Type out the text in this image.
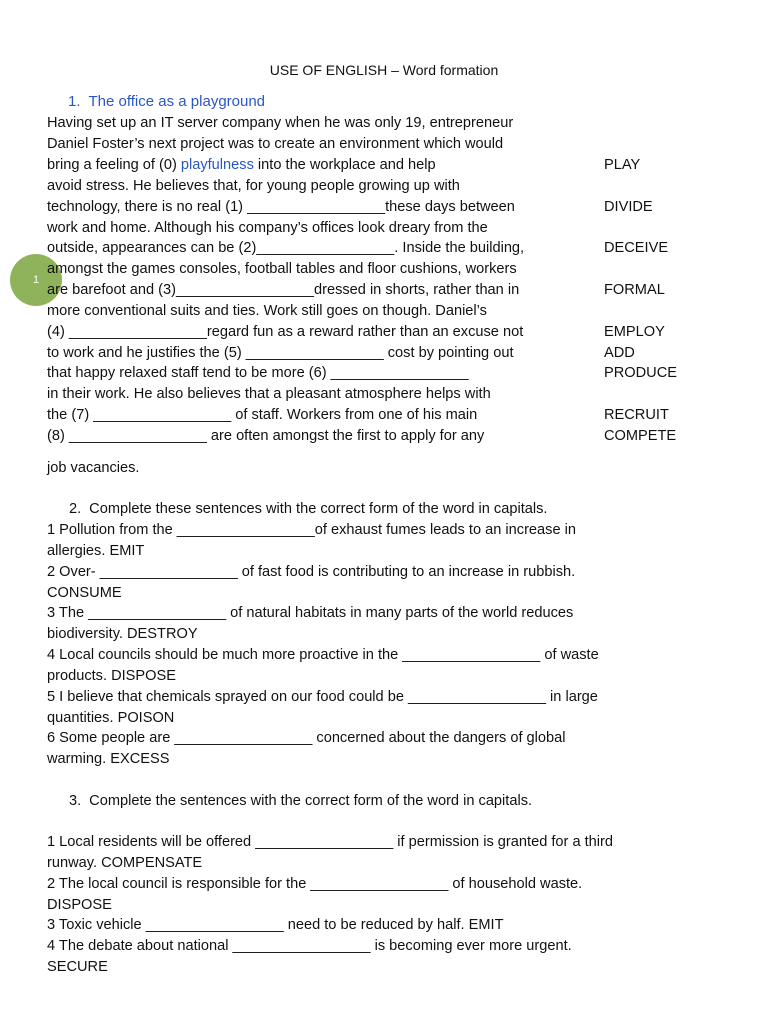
USE OF ENGLISH – Word formation
1. The office as a playground
1
Having set up an IT server company when he was only 19, entrepreneur
Daniel Foster’s next project was to create an environment which would
bring a feeling of (0) playfulness into the workplace and help
avoid stress. He believes that, for young people growing up with
technology, there is no real (1) _________________these days between
work and home. Although his company’s offices look dreary from the
outside, appearances can be (2)_________________. Inside the building,
amongst the games consoles, football tables and floor cushions, workers
are barefoot and (3)_________________dressed in shorts, rather than in
more conventional suits and ties. Work still goes on though. Daniel’s
(4) _________________regard fun as a reward rather than an excuse not
to work and he justifies the (5) _________________ cost by pointing out
that happy relaxed staff tend to be more (6) _________________
in their work. He also believes that a pleasant atmosphere helps with
the (7) _________________ of staff. Workers from one of his main
(8) _________________ are often amongst the first to apply for any
job vacancies.
PLAY
DIVIDE
DECEIVE
FORMAL
EMPLOY
ADD
PRODUCE
RECRUIT
COMPETE
2. Complete these sentences with the correct form of the word in capitals.
1 Pollution from the _________________of exhaust fumes leads to an increase in
allergies. EMIT
2 Over- _________________ of fast food is contributing to an increase in rubbish.
CONSUME
3 The _________________ of natural habitats in many parts of the world reduces
biodiversity. DESTROY
4 Local councils should be much more proactive in the _________________ of waste
products. DISPOSE
5 I believe that chemicals sprayed on our food could be _________________ in large
quantities. POISON
6 Some people are _________________ concerned about the dangers of global
warming. EXCESS
3. Complete the sentences with the correct form of the word in capitals.
1 Local residents will be offered _________________ if permission is granted for a third
runway. COMPENSATE
2 The local council is responsible for the _________________ of household waste.
DISPOSE
3 Toxic vehicle _________________ need to be reduced by half. EMIT
4 The debate about national _________________ is becoming ever more urgent.
SECURE
